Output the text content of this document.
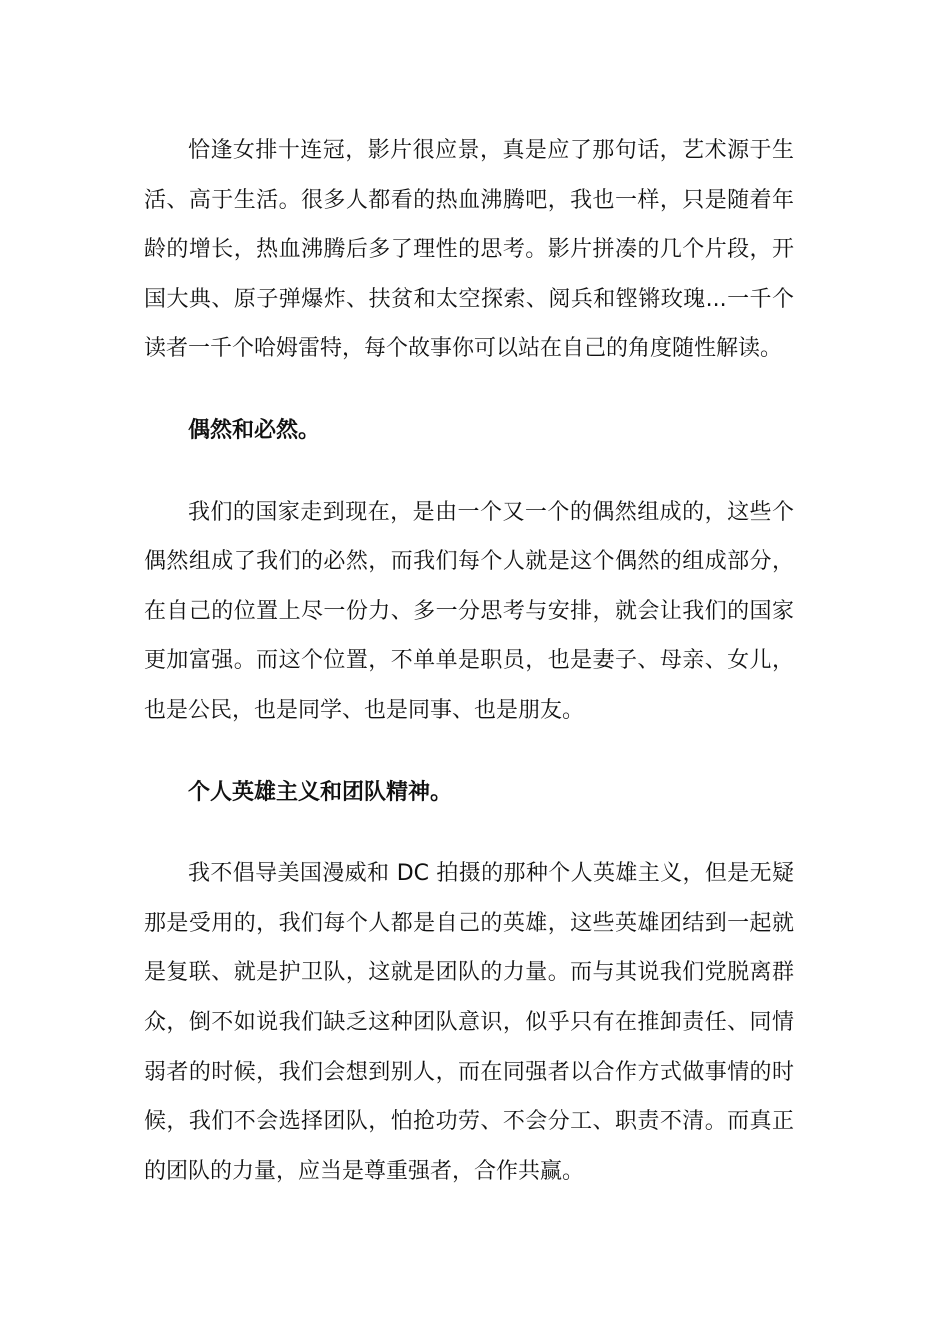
恰逢女排十连冠，影片很应景，真是应了那句话，艺术源于生活、高于生活。很多人都看的热血沸腾吧，我也一样，只是随着年龄的增长，热血沸腾后多了理性的思考。影片拼凑的几个片段，开国大典、原子弹爆炸、扶贫和太空探索、阅兵和铿锵玫瑰...一千个读者一千个哈姆雷特，每个故事你可以站在自己的角度随性解读。

偶然和必然。

我们的国家走到现在，是由一个又一个的偶然组成的，这些个偶然组成了我们的必然，而我们每个人就是这个偶然的组成部分，在自己的位置上尽一份力、多一分思考与安排，就会让我们的国家更加富强。而这个位置，不单单是职员，也是妻子、母亲、女儿，也是公民，也是同学、也是同事、也是朋友。

个人英雄主义和团队精神。

我不倡导美国漫威和 DC 拍摄的那种个人英雄主义，但是无疑那是受用的，我们每个人都是自己的英雄，这些英雄团结到一起就是复联、就是护卫队，这就是团队的力量。而与其说我们党脱离群众，倒不如说我们缺乏这种团队意识，似乎只有在推卸责任、同情弱者的时候，我们会想到别人，而在同强者以合作方式做事情的时候，我们不会选择团队，怕抢功劳、不会分工、职责不清。而真正的团队的力量，应当是尊重强者，合作共赢。
